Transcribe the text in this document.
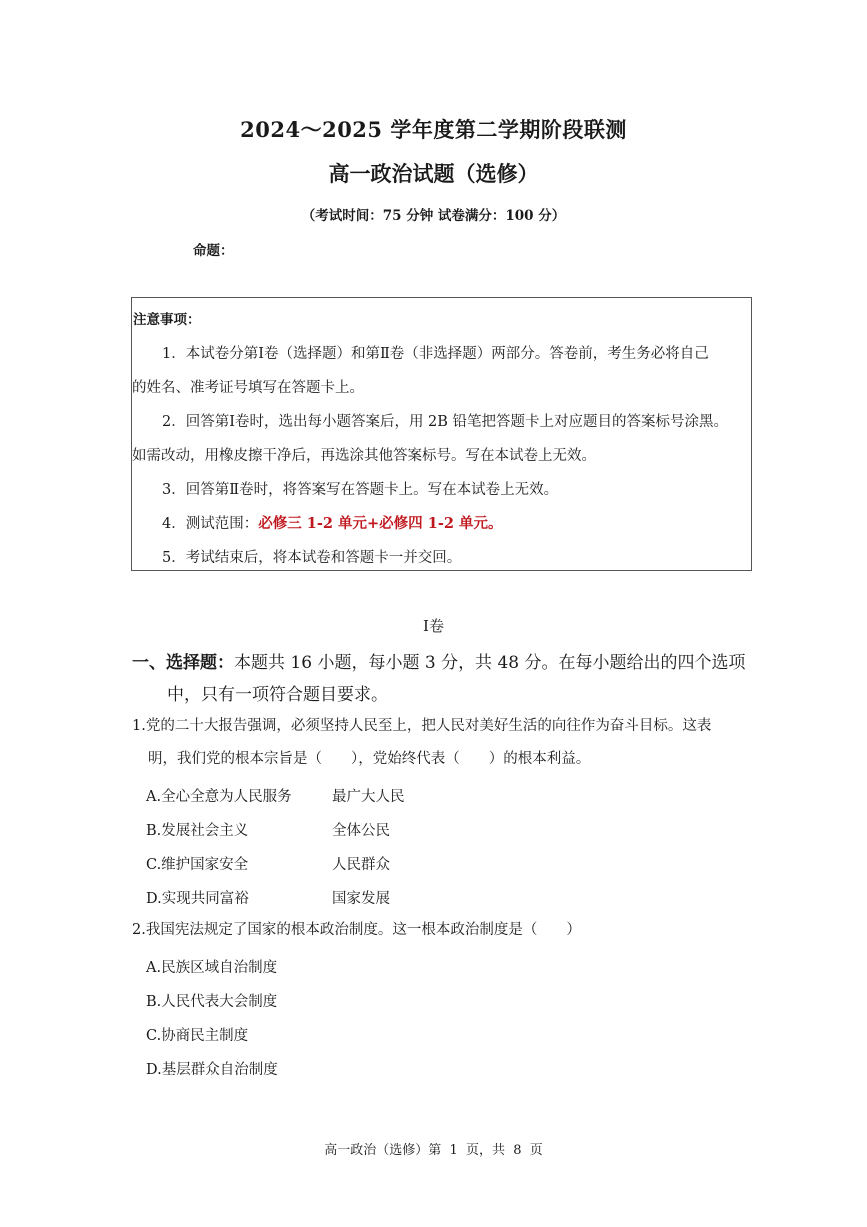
2024～2025 学年度第二学期阶段联测
高一政治试题（选修）
（考试时间：75 分钟 试卷满分：100 分）
命题：
注意事项：
1．本试卷分第Ⅰ卷（选择题）和第Ⅱ卷（非选择题）两部分。答卷前，考生务必将自己
的姓名、准考证号填写在答题卡上。
2．回答第Ⅰ卷时，选出每小题答案后，用 2B 铅笔把答题卡上对应题目的答案标号涂黑。
如需改动，用橡皮擦干净后，再选涂其他答案标号。写在本试卷上无效。
3．回答第Ⅱ卷时，将答案写在答题卡上。写在本试卷上无效。
4．测试范围：必修三 1-2 单元+必修四 1-2 单元。
5．考试结束后，将本试卷和答题卡一并交回。
Ⅰ卷
一、选择题：本题共 16 小题，每小题 3 分，共 48 分。在每小题给出的四个选项
中，只有一项符合题目要求。
1.党的二十大报告强调，必须坚持人民至上，把人民对美好生活的向往作为奋斗目标。这表
明，我们党的根本宗旨是（　　），党始终代表（　　）的根本利益。
A.全心全意为人民服务	最广大人民
B.发展社会主义	全体公民
C.维护国家安全	人民群众
D.实现共同富裕	国家发展
2.我国宪法规定了国家的根本政治制度。这一根本政治制度是（　　）
A.民族区域自治制度
B.人民代表大会制度
C.协商民主制度
D.基层群众自治制度
高一政治（选修）第  1  页，共  8  页
